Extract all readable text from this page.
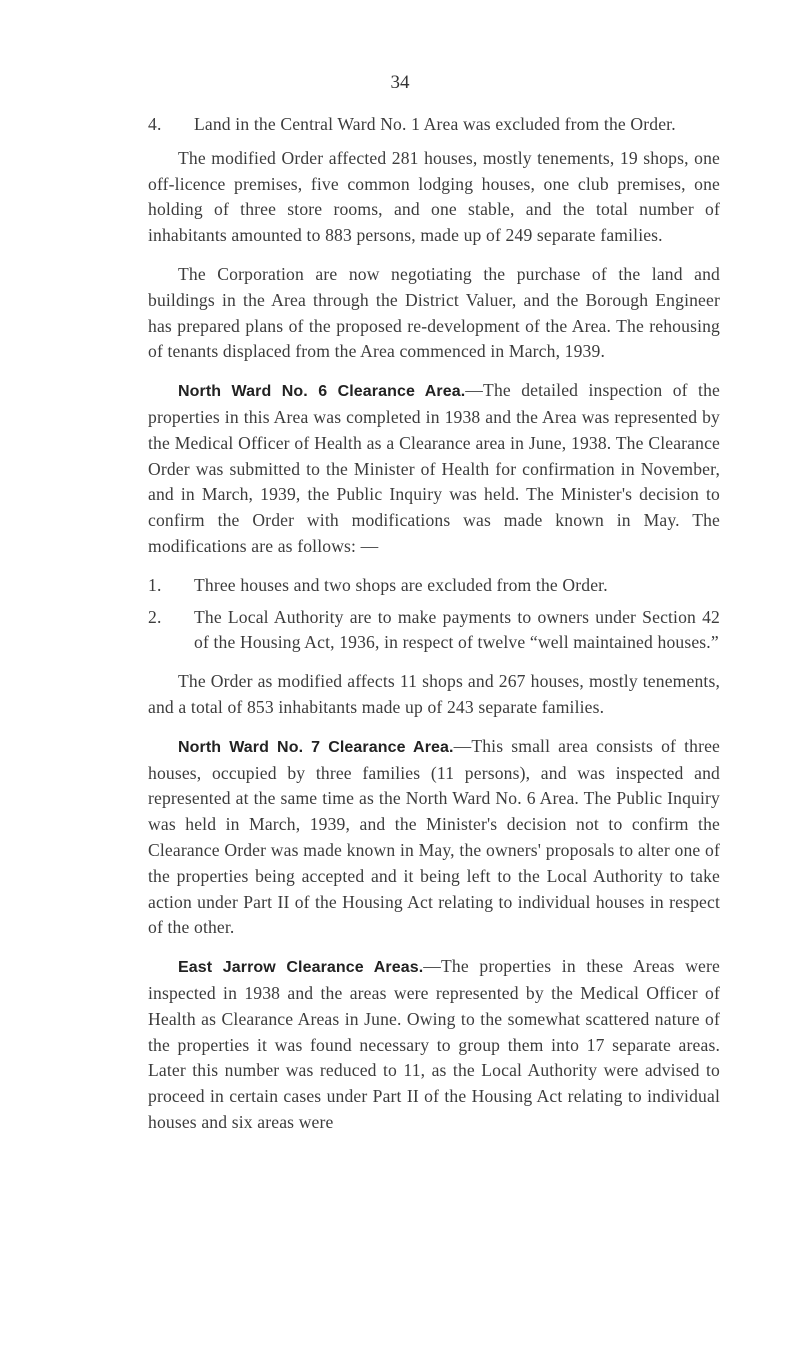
34
4. Land in the Central Ward No. 1 Area was excluded from the Order.

The modified Order affected 281 houses, mostly tenements, 19 shops, one off-licence premises, five common lodging houses, one club premises, one holding of three store rooms, and one stable, and the total number of inhabitants amounted to 883 persons, made up of 249 separate families.

The Corporation are now negotiating the purchase of the land and buildings in the Area through the District Valuer, and the Borough Engineer has prepared plans of the proposed re-development of the Area. The rehousing of tenants displaced from the Area commenced in March, 1939.

North Ward No. 6 Clearance Area.—The detailed inspection of the properties in this Area was completed in 1938 and the Area was represented by the Medical Officer of Health as a Clearance area in June, 1938. The Clearance Order was submitted to the Minister of Health for confirmation in November, and in March, 1939, the Public Inquiry was held. The Minister's decision to confirm the Order with modifications was made known in May. The modifications are as follows: —

1. Three houses and two shops are excluded from the Order.
2. The Local Authority are to make payments to owners under Section 42 of the Housing Act, 1936, in respect of twelve “well maintained houses.”

The Order as modified affects 11 shops and 267 houses, mostly tenements, and a total of 853 inhabitants made up of 243 separate families.

North Ward No. 7 Clearance Area.—This small area consists of three houses, occupied by three families (11 persons), and was inspected and represented at the same time as the North Ward No. 6 Area. The Public Inquiry was held in March, 1939, and the Minister's decision not to confirm the Clearance Order was made known in May, the owners' proposals to alter one of the properties being accepted and it being left to the Local Authority to take action under Part II of the Housing Act relating to individual houses in respect of the other.

East Jarrow Clearance Areas.—The properties in these Areas were inspected in 1938 and the areas were represented by the Medical Officer of Health as Clearance Areas in June. Owing to the somewhat scattered nature of the properties it was found necessary to group them into 17 separate areas. Later this number was reduced to 11, as the Local Authority were advised to proceed in certain cases under Part II of the Housing Act relating to individual houses and six areas were
